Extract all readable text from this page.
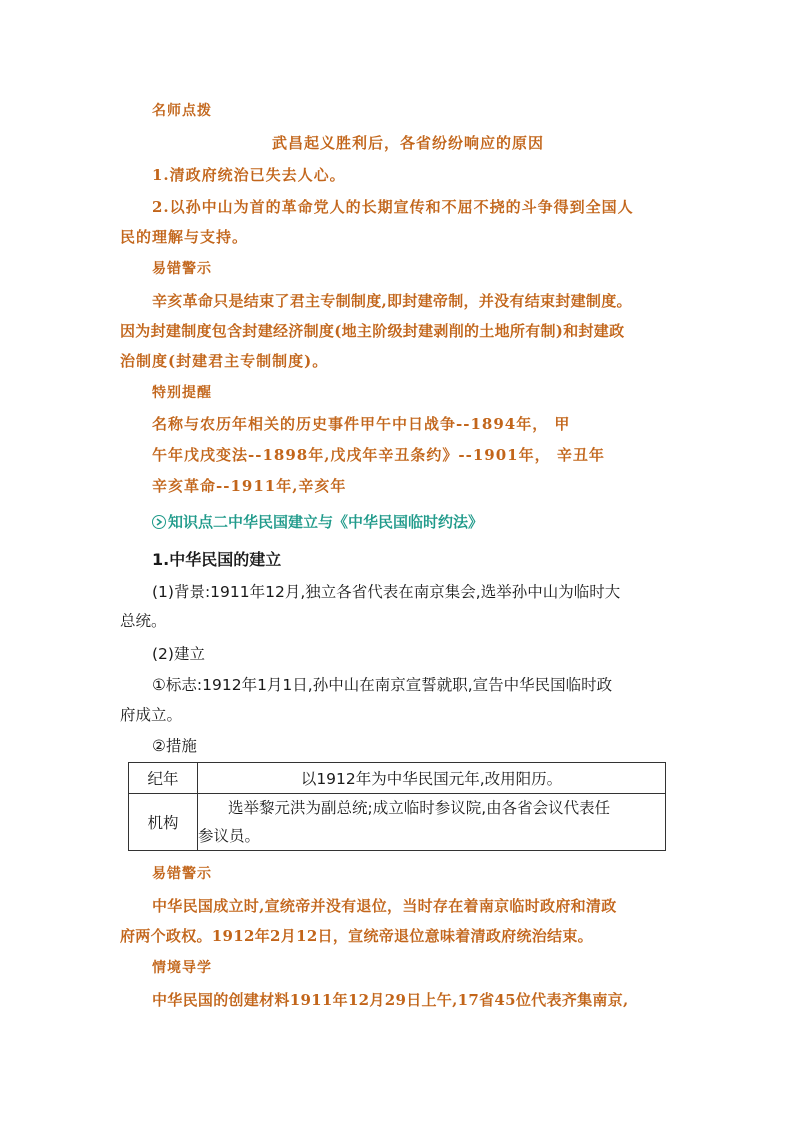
名师点拨
武昌起义胜利后，各省纷纷响应的原因
1.清政府统治已失去人心。
2.以孙中山为首的革命党人的长期宣传和不屈不挠的斗争得到全国人
民的理解与支持。
易错警示
辛亥革命只是结束了君主专制制度,即封建帝制，并没有结束封建制度。
因为封建制度包含封建经济制度(地主阶级封建剥削的土地所有制)和封建政
治制度(封建君主专制制度)。
特别提醒
名称与农历年相关的历史事件甲午中日战争--1894年， 甲
午年戊戌变法--1898年,戊戌年辛丑条约》--1901年， 辛丑年
辛亥革命--1911年,辛亥年
知识点二中华民国建立与《中华民国临时约法》
1.中华民国的建立
(1)背景:1911年12月,独立各省代表在南京集会,选举孙中山为临时大
总统。
(2)建立
①标志:1912年1月1日,孙中山在南京宣誓就职,宣告中华民国临时政
府成立。
②措施
纪年	以1912年为中华民国元年,改用阳历。
机构	选举黎元洪为副总统;成立临时参议院,由各省会议代表任
参议员。
易错警示
中华民国成立时,宣统帝并没有退位，当时存在着南京临时政府和清政
府两个政权。1912年2月12日，宣统帝退位意味着清政府统治结束。
情境导学
中华民国的创建材料1911年12月29日上午,17省45位代表齐集南京,
